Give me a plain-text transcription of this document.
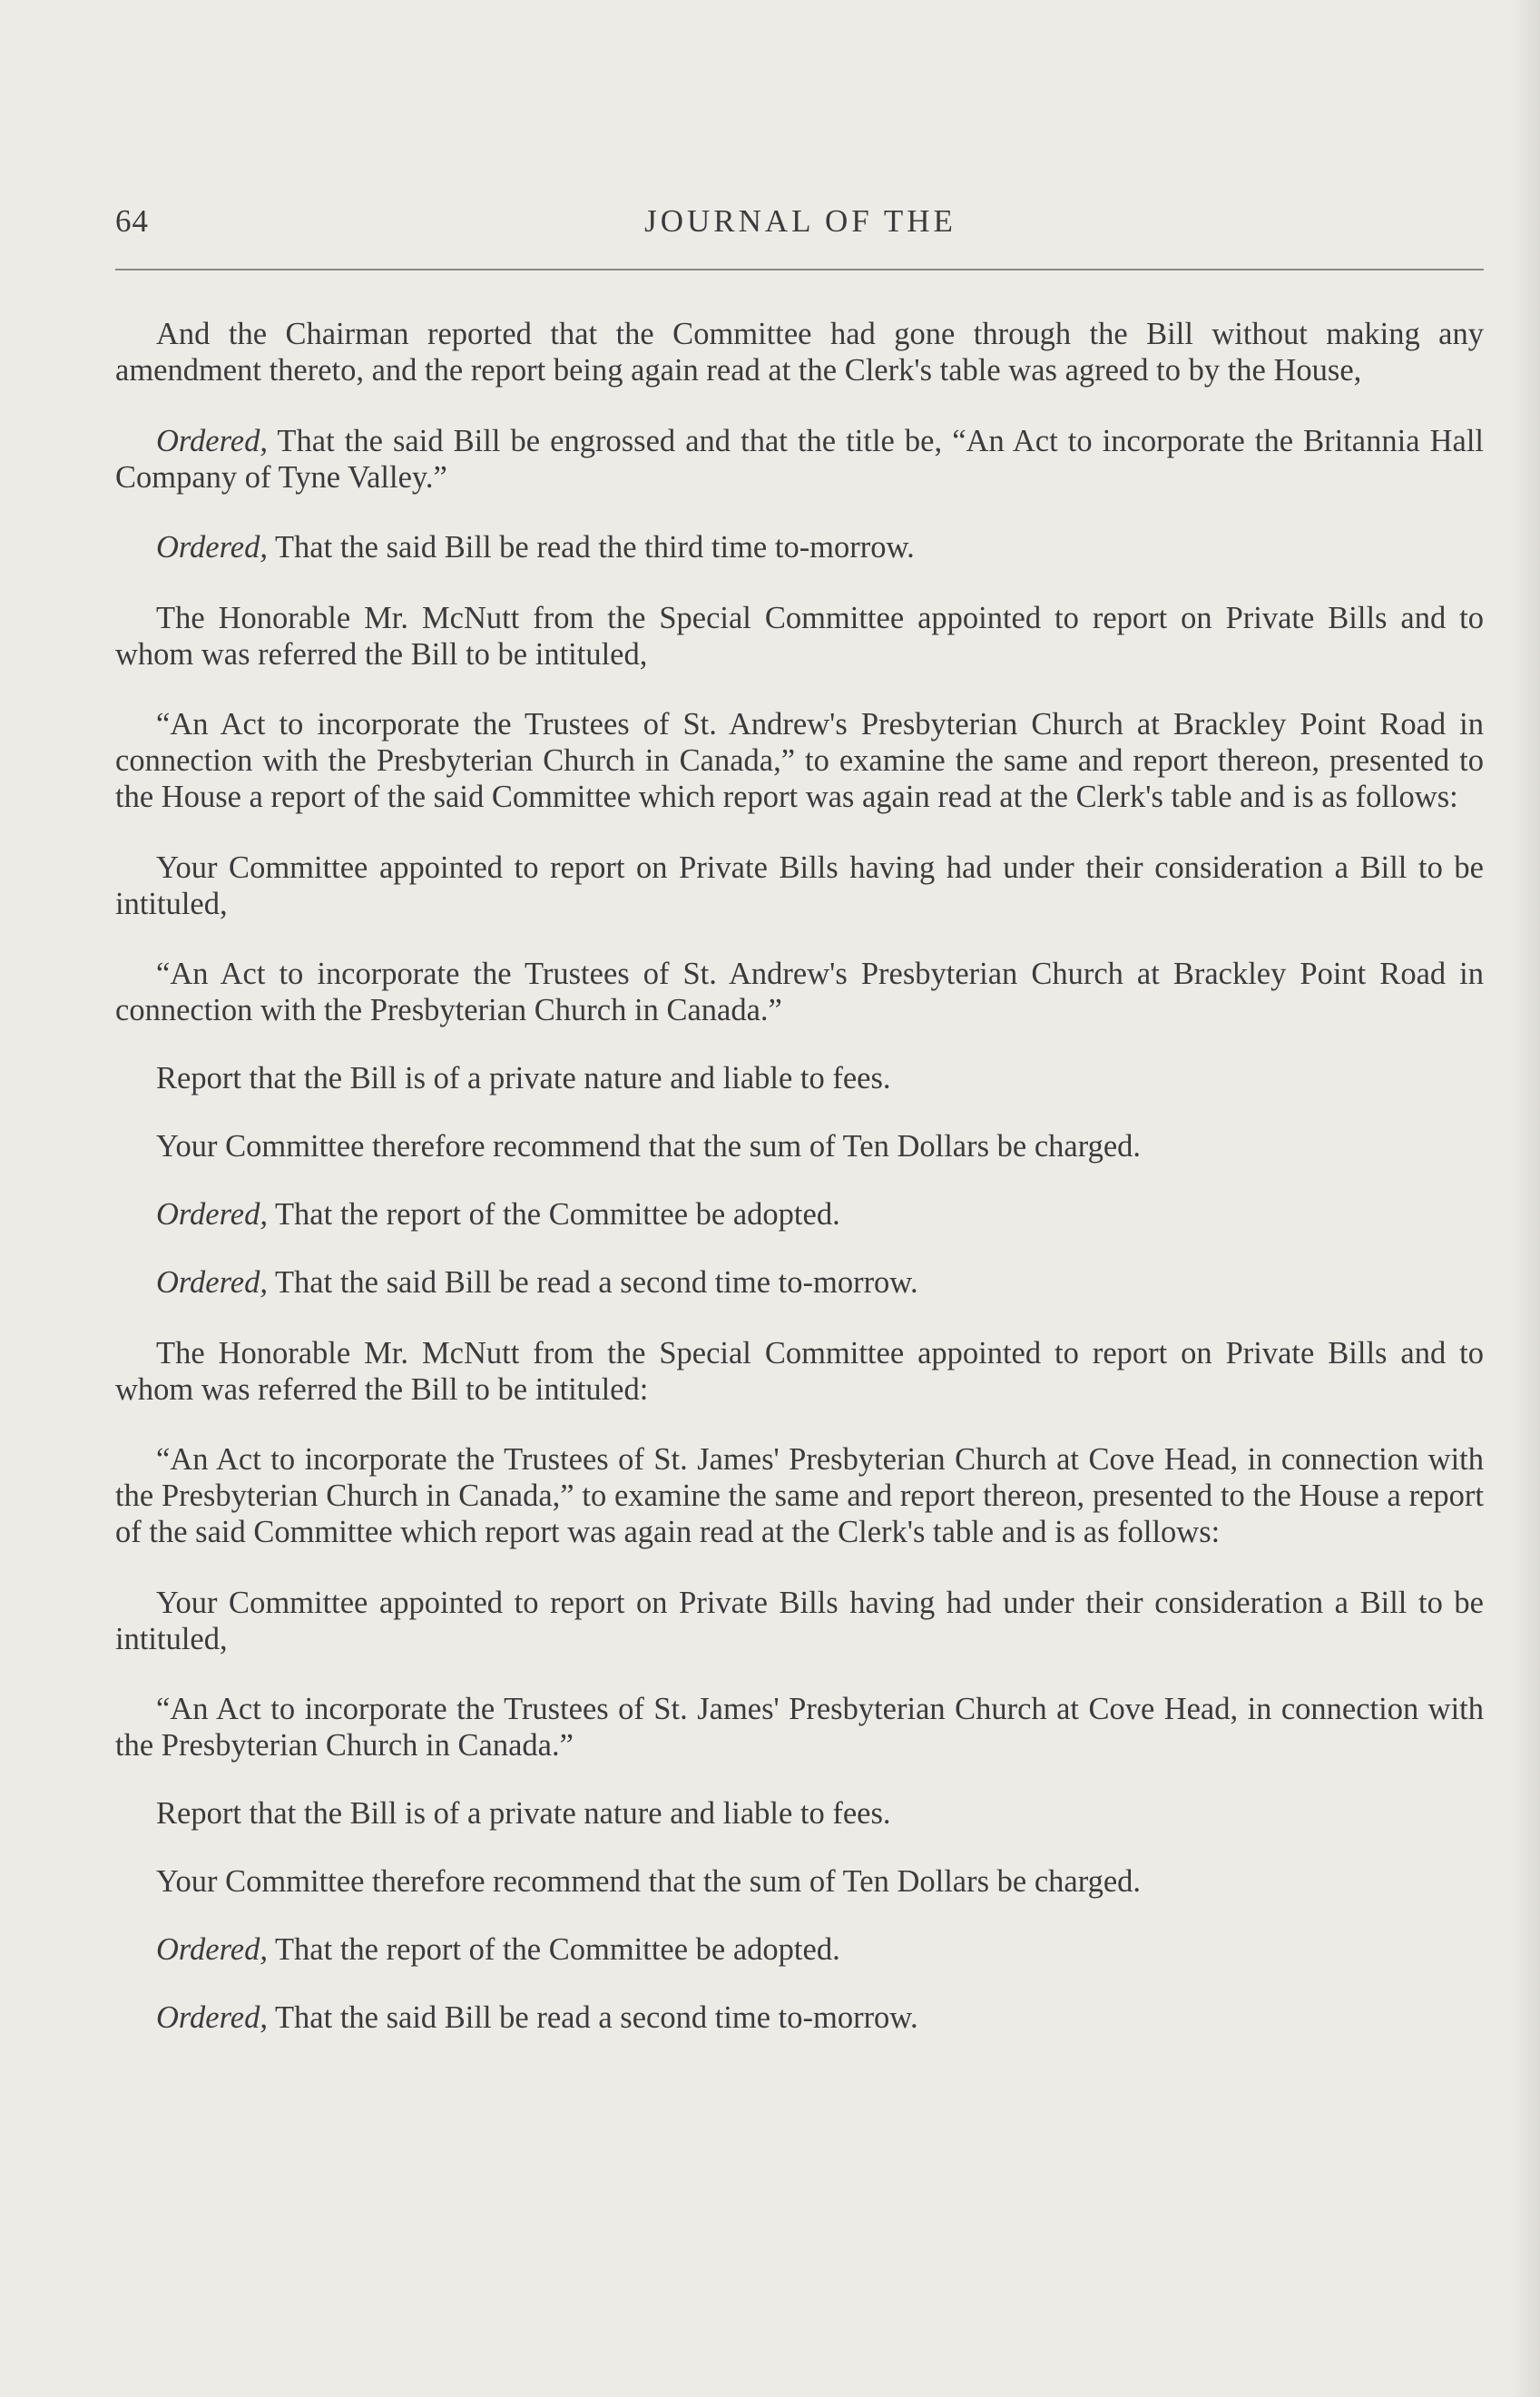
64	JOURNAL OF THE

And the Chairman reported that the Committee had gone through the Bill without making any amendment thereto, and the report being again read at the Clerk's table was agreed to by the House,

Ordered, That the said Bill be engrossed and that the title be, “An Act to incorporate the Britannia Hall Company of Tyne Valley.”

Ordered, That the said Bill be read the third time to-morrow.

The Honorable Mr. McNutt from the Special Committee appointed to report on Private Bills and to whom was referred the Bill to be intituled,

“An Act to incorporate the Trustees of St. Andrew's Presbyterian Church at Brackley Point Road in connection with the Presbyterian Church in Canada,” to examine the same and report thereon, presented to the House a report of the said Committee which report was again read at the Clerk's table and is as follows:

Your Committee appointed to report on Private Bills having had under their consideration a Bill to be intituled,

“An Act to incorporate the Trustees of St. Andrew's Presbyterian Church at Brackley Point Road in connection with the Presbyterian Church in Canada.”

Report that the Bill is of a private nature and liable to fees.

Your Committee therefore recommend that the sum of Ten Dollars be charged.

Ordered, That the report of the Committee be adopted.

Ordered, That the said Bill be read a second time to-morrow.

The Honorable Mr. McNutt from the Special Committee appointed to report on Private Bills and to whom was referred the Bill to be intituled:

“An Act to incorporate the Trustees of St. James' Presbyterian Church at Cove Head, in connection with the Presbyterian Church in Canada,” to examine the same and report thereon, presented to the House a report of the said Committee which report was again read at the Clerk's table and is as follows:

Your Committee appointed to report on Private Bills having had under their consideration a Bill to be intituled,

“An Act to incorporate the Trustees of St. James' Presbyterian Church at Cove Head, in connection with the Presbyterian Church in Canada.”

Report that the Bill is of a private nature and liable to fees.

Your Committee therefore recommend that the sum of Ten Dollars be charged.

Ordered, That the report of the Committee be adopted.

Ordered, That the said Bill be read a second time to-morrow.
